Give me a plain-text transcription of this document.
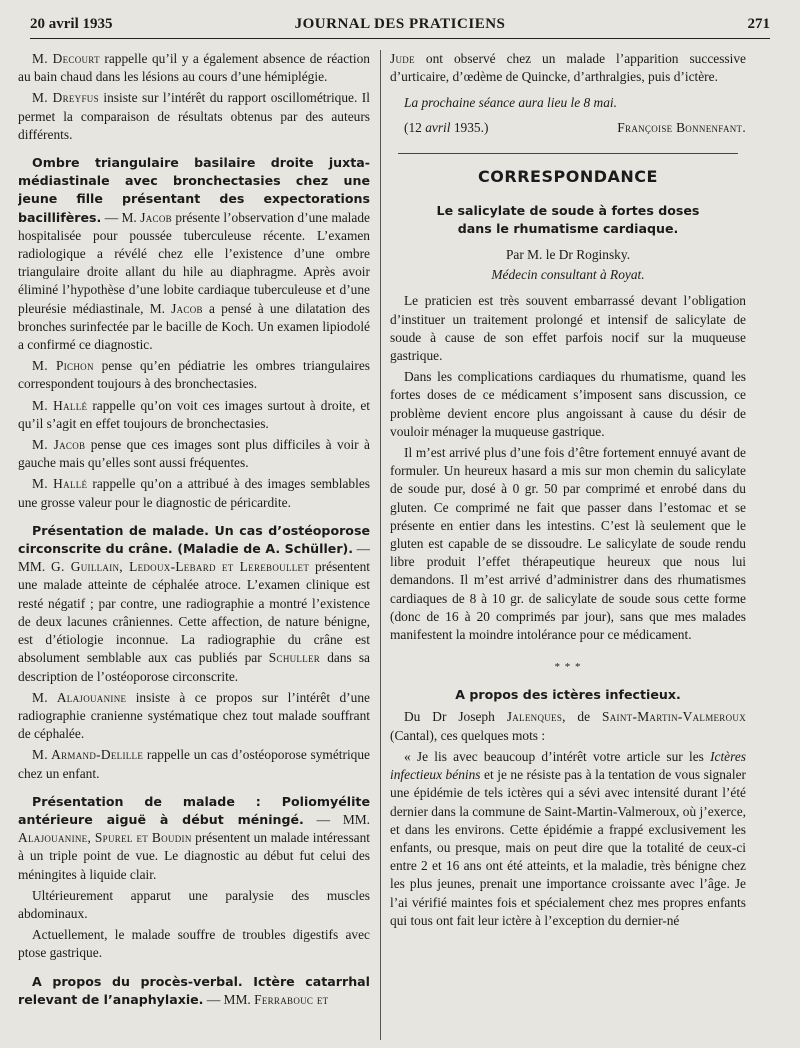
20 avril 1935	JOURNAL DES PRATICIENS	271

M. Decourt rappelle qu’il y a également absence de réaction au bain chaud dans les lésions au cours d’une hémiplégie.

M. Dreyfus insiste sur l’intérêt du rapport oscillométrique. Il permet la comparaison de résultats obtenus par des auteurs différents.

Ombre triangulaire basilaire droite juxta-médiastinale avec bronchectasies chez une jeune fille présentant des expectorations bacillifères. — M. Jacob présente l’observation d’une malade hospitalisée pour poussée tuberculeuse récente. L’examen radiologique a révélé chez elle l’existence d’une ombre triangulaire droite allant du hile au diaphragme. Après avoir éliminé l’hypothèse d’une lobite cardiaque tuberculeuse et d’une pleurésie médiastinale, M. Jacob a pensé à une dilatation des bronches surinfectée par le bacille de Koch. Un examen lipiodolé a confirmé ce diagnostic.

M. Pichon pense qu’en pédiatrie les ombres triangulaires correspondent toujours à des bronchectasies.

M. Hallé rappelle qu’on voit ces images surtout à droite, et qu’il s’agit en effet toujours de bronchectasies.

M. Jacob pense que ces images sont plus difficiles à voir à gauche mais qu’elles sont aussi fréquentes.

M. Hallé rappelle qu’on a attribué à des images semblables une grosse valeur pour le diagnostic de péricardite.

Présentation de malade. Un cas d’ostéoporose circonscrite du crâne. (Maladie de A. Schüller). — MM. G. Guillain, Ledoux-Lebard et Lereboullet présentent une malade atteinte de céphalée atroce. L’examen clinique est resté négatif ; par contre, une radiographie a montré l’existence de deux lacunes crâniennes. Cette affection, de nature bénigne, est d’étiologie inconnue. La radiographie du crâne est absolument semblable aux cas publiés par Schuller dans sa description de l’ostéoporose circonscrite.

M. Alajouanine insiste à ce propos sur l’intérêt d’une radiographie cranienne systématique chez tout malade souffrant de céphalée.

M. Armand-Delille rappelle un cas d’ostéoporose symétrique chez un enfant.

Présentation de malade : Poliomyélite antérieure aiguë à début méningé. — MM. Alajouanine, Spurel et Boudin présentent un malade intéressant à un triple point de vue. Le diagnostic au début fut celui des méningites à liquide clair.

Ultérieurement apparut une paralysie des muscles abdominaux.

Actuellement, le malade souffre de troubles digestifs avec ptose gastrique.

A propos du procès-verbal. Ictère catarrhal relevant de l’anaphylaxie. — MM. Ferrabouc et

Jude ont observé chez un malade l’apparition successive d’urticaire, d’œdème de Quincke, d’arthralgies, puis d’ictère.

La prochaine séance aura lieu le 8 mai.

(12 avril 1935.)	Françoise Bonnenfant.
CORRESPONDANCE
Le salicylate de soude à fortes doses
dans le rhumatisme cardiaque.

Par M. le Dr Roginsky.

Médecin consultant à Royat.

Le praticien est très souvent embarrassé devant l’obligation d’instituer un traitement prolongé et intensif de salicylate de soude à cause de son effet parfois nocif sur la muqueuse gastrique.

Dans les complications cardiaques du rhumatisme, quand les fortes doses de ce médicament s’imposent sans discussion, ce problème devient encore plus angoissant à cause du désir de vouloir ménager la muqueuse gastrique.

Il m’est arrivé plus d’une fois d’être fortement ennuyé avant de formuler. Un heureux hasard a mis sur mon chemin du salicylate de soude pur, dosé à 0 gr. 50 par comprimé et enrobé dans du gluten. Ce comprimé ne fait que passer dans l’estomac et se présente en entier dans les intestins. C’est là seulement que le gluten est capable de se dissoudre. Le salicylate de soude rendu libre produit l’effet thérapeutique heureux que nous lui demandons. Il m’est arrivé d’administrer dans des rhumatismes cardiaques de 8 à 10 gr. de salicylate de soude sous cette forme (donc de 16 à 20 comprimés par jour), sans que mes malades manifestent la moindre intolérance pour ce médicament.

* * *
A propos des ictères infectieux.

Du Dr Joseph Jalenques, de Saint-Martin-Valmeroux (Cantal), ces quelques mots :

« Je lis avec beaucoup d’intérêt votre article sur les Ictères infectieux bénins et je ne résiste pas à la tentation de vous signaler une épidémie de tels ictères qui a sévi avec intensité durant l’été dernier dans la commune de Saint-Martin-Valmeroux, où j’exerce, et dans les environs. Cette épidémie a frappé exclusivement les enfants, ou presque, mais on peut dire que la totalité de ceux-ci entre 2 et 16 ans ont été atteints, et la maladie, très bénigne chez les plus jeunes, prenait une importance croissante avec l’âge. Je l’ai vérifié maintes fois et spécialement chez mes propres enfants qui tous ont fait leur ictère à l’exception du dernier-né
